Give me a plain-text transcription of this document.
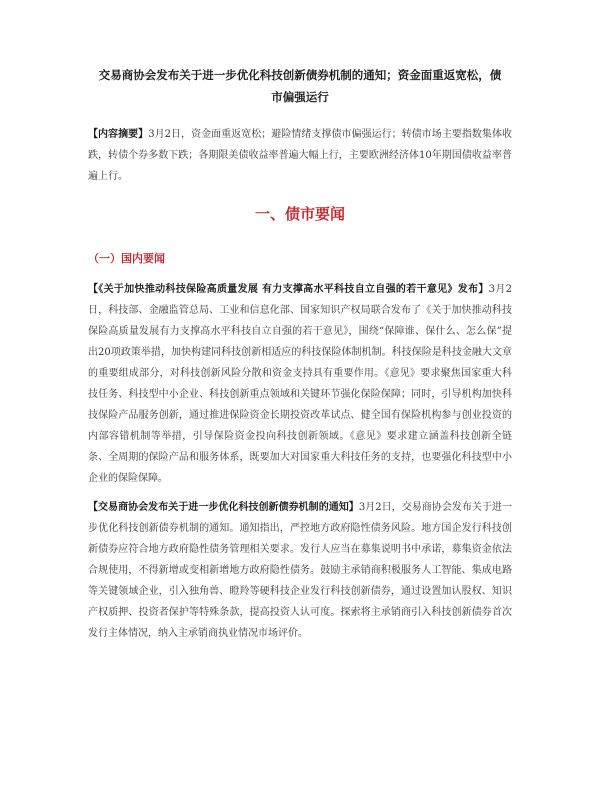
交易商协会发布关于进一步优化科技创新债券机制的通知；资金面重返宽松，债
市偏强运行
【内容摘要】3月2日，资金面重返宽松；避险情绪支撑债市偏强运行；转债市场主要指数集体收跌，转债个券多数下跌；各期限美债收益率普遍大幅上行，主要欧洲经济体10年期国债收益率普遍上行。
一、债市要闻
（一）国内要闻
【《关于加快推动科技保险高质量发展 有力支撑高水平科技自立自强的若干意见》发布】3月2日，科技部、金融监管总局、工业和信息化部、国家知识产权局联合发布了《关于加快推动科技保险高质量发展有力支撑高水平科技自立自强的若干意见》，围绕“保障谁、保什么、怎么保”提出20项政策举措，加快构建同科技创新相适应的科技保险体制机制。科技保险是科技金融大文章的重要组成部分，对科技创新风险分散和资金支持具有重要作用。《意见》要求聚焦国家重大科技任务、科技型中小企业、科技创新重点领域和关键环节强化保险保障；同时，引导机构加快科技保险产品服务创新，通过推进保险资金长期投资改革试点、健全国有保险机构参与创业投资的内部容错机制等举措，引导保险资金投向科技创新领域。《意见》要求建立涵盖科技创新全链条、全周期的保险产品和服务体系，既要加大对国家重大科技任务的支持，也要强化科技型中小企业的保险保障。
【交易商协会发布关于进一步优化科技创新债券机制的通知】3月2日，交易商协会发布关于进一步优化科技创新债券机制的通知。通知指出，严控地方政府隐性债务风险。地方国企发行科技创新债券应符合地方政府隐性债务管理相关要求。发行人应当在募集说明书中承诺，募集资金依法合规使用，不得新增或变相新增地方政府隐性债务。鼓励主承销商积极服务人工智能、集成电路等关键领域企业，引入独角兽、瞪羚等硬科技企业发行科技创新债券，通过设置加认股权、知识产权质押、投资者保护等特殊条款，提高投资人认可度。探索将主承销商引入科技创新债券首次发行主体情况，纳入主承销商执业情况市场评价。
